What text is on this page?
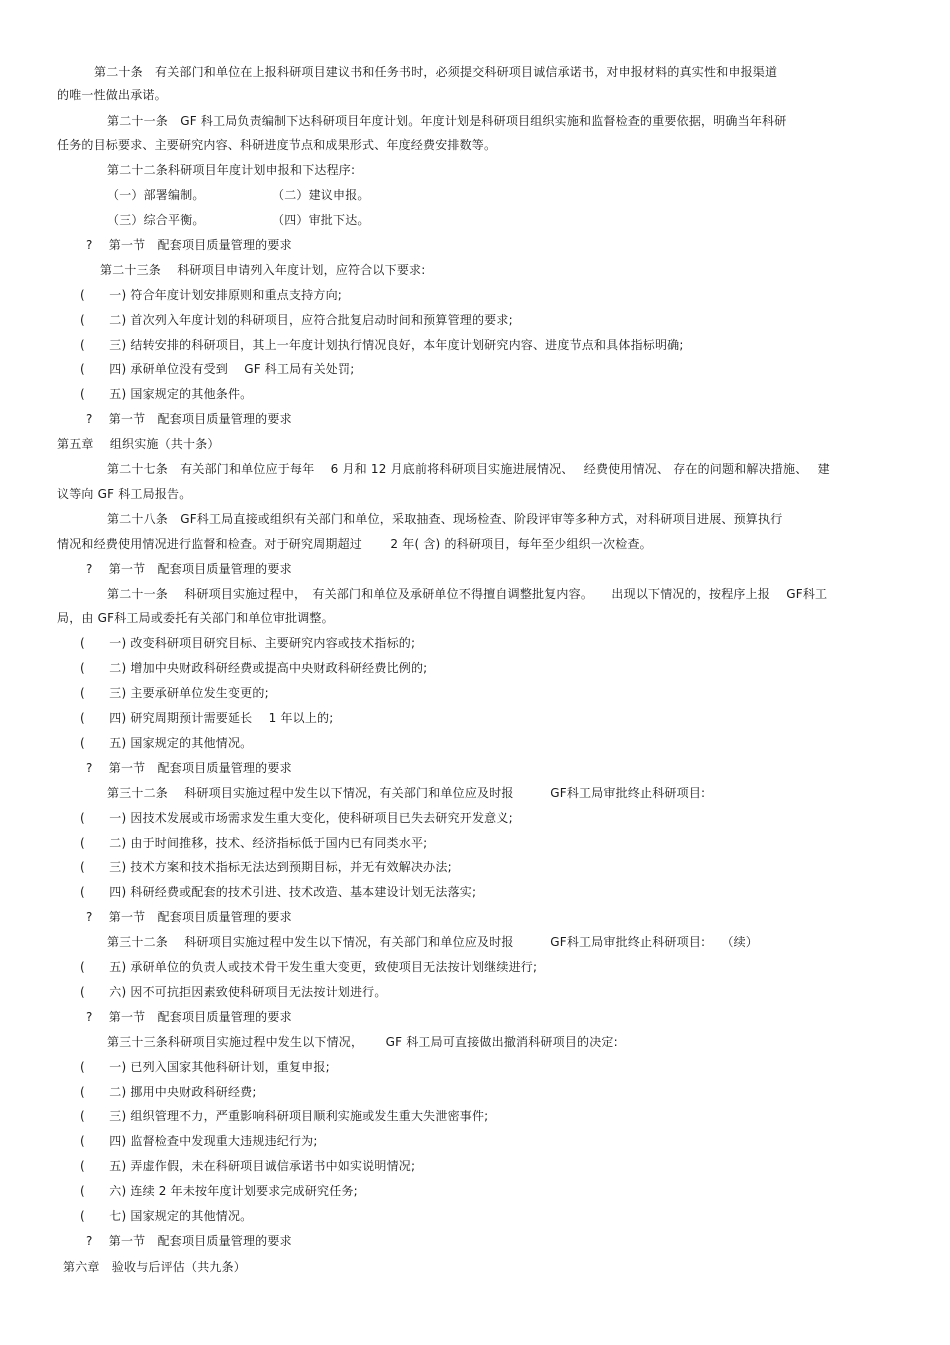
第二十条　有关部门和单位在上报科研项目建议书和任务书时，必须提交科研项目诚信承诺书，对申报材料的真实性和申报渠道
的唯一性做出承诺。
第二十一条　GF 科工局负责编制下达科研项目年度计划。年度计划是科研项目组织实施和监督检查的重要依据，明确当年科研
任务的目标要求、主要研究内容、科研进度节点和成果形式、年度经费安排数等。
第二十二条科研项目年度计划申报和下达程序:
（一）部署编制。	（二）建议申报。
（三）综合平衡。	（四）审批下达。
?　 第一节　配套项目质量管理的要求
第二十三条　 科研项目申请列入年度计划，应符合以下要求:
(　　一) 符合年度计划安排原则和重点支持方向;
(　　二) 首次列入年度计划的科研项目，应符合批复启动时间和预算管理的要求;
(　　三) 结转安排的科研项目，其上一年度计划执行情况良好，本年度计划研究内容、进度节点和具体指标明确;
(　　四) 承研单位没有受到　 GF 科工局有关处罚;
(　　五) 国家规定的其他条件。
?　 第一节　配套项目质量管理的要求
第五章　 组织实施（共十条）
第二十七条　有关部门和单位应于每年　 6 月和 12 月底前将科研项目实施进展情况、　 经费使用情况、 存在的问题和解决措施、　 建
议等向 GF 科工局报告。
第二十八条　GF科工局直接或组织有关部门和单位，采取抽查、现场检查、阶段评审等多种方式，对科研项目进展、预算执行
情况和经费使用情况进行监督和检查。对于研究周期超过　　 2 年( 含) 的科研项目，每年至少组织一次检查。
?　 第一节　配套项目质量管理的要求
第二十一条　 科研项目实施过程中，　有关部门和单位及承研单位不得擅自调整批复内容。　　出现以下情况的，按程序上报　 GF科工
局，由 GF科工局或委托有关部门和单位审批调整。
(　　一) 改变科研项目研究目标、主要研究内容或技术指标的;
(　　二) 增加中央财政科研经费或提高中央财政科研经费比例的;
(　　三) 主要承研单位发生变更的;
(　　四) 研究周期预计需要延长　 1 年以上的;
(　　五) 国家规定的其他情况。
?　 第一节　配套项目质量管理的要求
第三十二条　 科研项目实施过程中发生以下情况，有关部门和单位应及时报　　　GF科工局审批终止科研项目:
(　　一) 因技术发展或市场需求发生重大变化，使科研项目已失去研究开发意义;
(　　二) 由于时间推移，技术、经济指标低于国内已有同类水平;
(　　三) 技术方案和技术指标无法达到预期目标，并无有效解决办法;
(　　四) 科研经费或配套的技术引进、技术改造、基本建设计划无法落实;
?　 第一节　配套项目质量管理的要求
第三十二条　 科研项目实施过程中发生以下情况，有关部门和单位应及时报　　　GF科工局审批终止科研项目:　 （续）
(　　五) 承研单位的负责人或技术骨干发生重大变更，致使项目无法按计划继续进行;
(　　六) 因不可抗拒因素致使科研项目无法按计划进行。
?　 第一节　配套项目质量管理的要求
第三十三条科研项目实施过程中发生以下情况，　　 GF 科工局可直接做出撤消科研项目的决定:
(　　一) 已列入国家其他科研计划，重复申报;
(　　二) 挪用中央财政科研经费;
(　　三) 组织管理不力，严重影响科研项目顺利实施或发生重大失泄密事件;
(　　四) 监督检查中发现重大违规违纪行为;
(　　五) 弄虚作假，未在科研项目诚信承诺书中如实说明情况;
(　　六) 连续 2 年未按年度计划要求完成研究任务;
(　　七) 国家规定的其他情况。
?　 第一节　配套项目质量管理的要求
第六章　验收与后评估（共九条）
